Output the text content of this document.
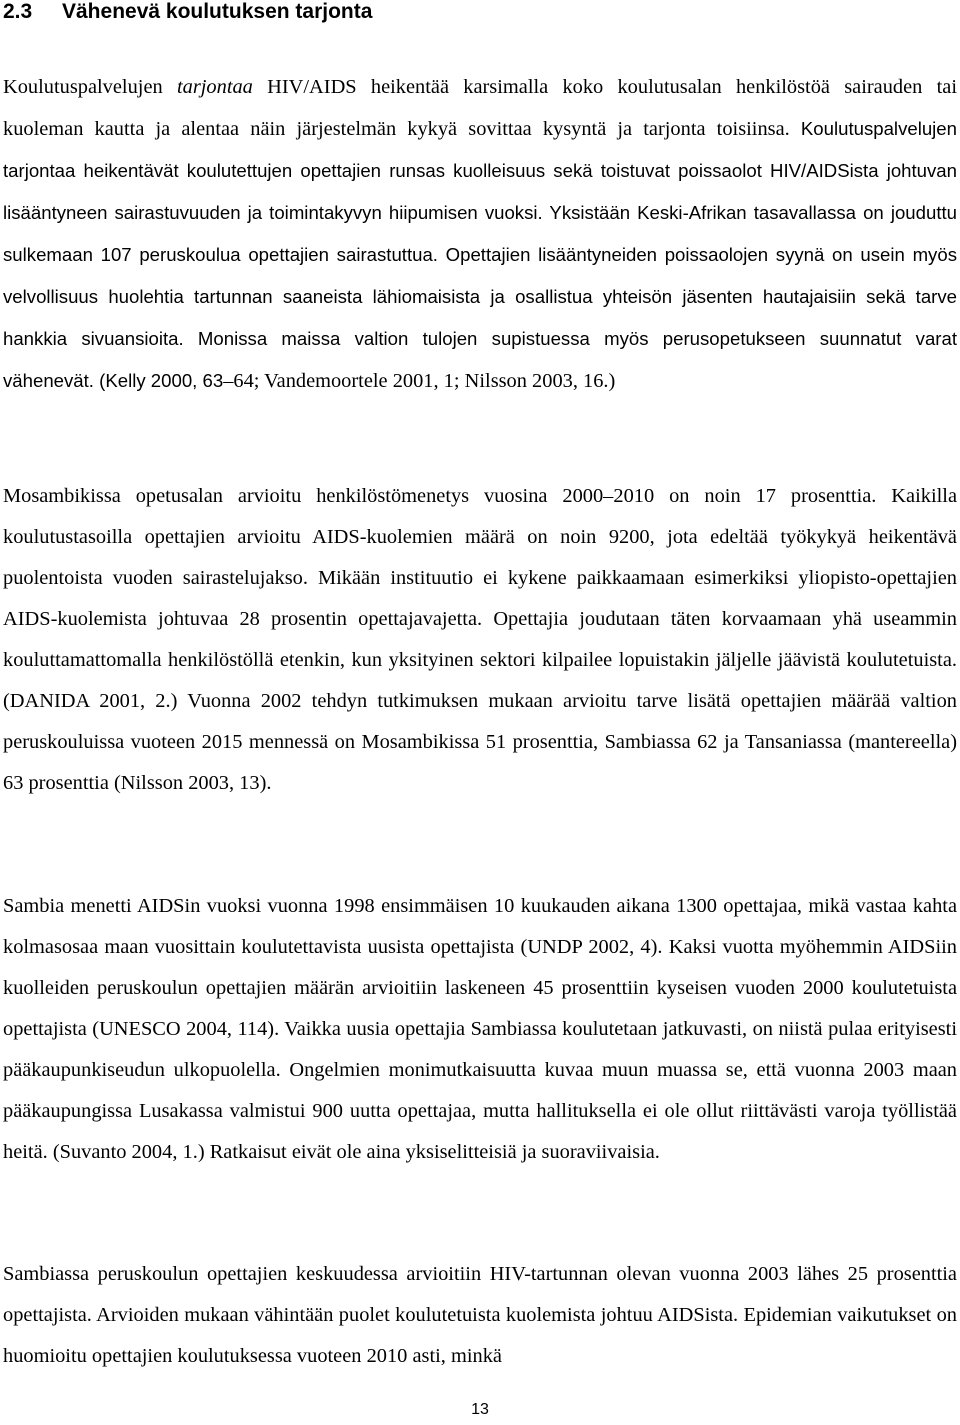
2.3 Vähenevä koulutuksen tarjonta

Koulutuspalvelujen tarjontaa HIV/AIDS heikentää karsimalla koko koulutusalan henkilöstöä sairauden tai kuoleman kautta ja alentaa näin järjestelmän kykyä sovittaa kysyntä ja tarjonta toisiinsa. Koulutuspalvelujen tarjontaa heikentävät koulutettujen opettajien runsas kuolleisuus sekä toistuvat poissaolot HIV/AIDSista johtuvan lisääntyneen sairastuvuuden ja toimintakyvyn hiipumisen vuoksi. Yksistään Keski-Afrikan tasavallassa on jouduttu sulkemaan 107 peruskoulua opettajien sairastuttua. Opettajien lisääntyneiden poissaolojen syynä on usein myös velvollisuus huolehtia tartunnan saaneista lähiomaisista ja osallistua yhteisön jäsenten hautajaisiin sekä tarve hankkia sivuansioita. Monissa maissa valtion tulojen supistuessa myös perusopetukseen suunnatut varat vähenevät. (Kelly 2000, 63–64; Vandemoortele 2001, 1; Nilsson 2003, 16.)

Mosambikissa opetusalan arvioitu henkilöstömenetys vuosina 2000–2010 on noin 17 prosenttia. Kaikilla koulutustasoilla opettajien arvioitu AIDS-kuolemien määrä on noin 9200, jota edeltää työkykyä heikentävä puolentoista vuoden sairastelujakso. Mikään instituutio ei kykene paikkaamaan esimerkiksi yliopisto-opettajien AIDS-kuolemista johtuvaa 28 prosentin opettajavajetta. Opettajia joudutaan täten korvaamaan yhä useammin kouluttamattomalla henkilöstöllä etenkin, kun yksityinen sektori kilpailee lopuistakin jäljelle jäävistä koulutetuista. (DANIDA 2001, 2.) Vuonna 2002 tehdyn tutkimuksen mukaan arvioitu tarve lisätä opettajien määrää valtion peruskouluissa vuoteen 2015 mennessä on Mosambikissa 51 prosenttia, Sambiassa 62 ja Tansaniassa (mantereella) 63 prosenttia (Nilsson 2003, 13).

Sambia menetti AIDSin vuoksi vuonna 1998 ensimmäisen 10 kuukauden aikana 1300 opettajaa, mikä vastaa kahta kolmasosaa maan vuosittain koulutettavista uusista opettajista (UNDP 2002, 4). Kaksi vuotta myöhemmin AIDSiin kuolleiden peruskoulun opettajien määrän arvioitiin laskeneen 45 prosenttiin kyseisen vuoden 2000 koulutetuista opettajista (UNESCO 2004, 114). Vaikka uusia opettajia Sambiassa koulutetaan jatkuvasti, on niistä pulaa erityisesti pääkaupunkiseudun ulkopuolella. Ongelmien monimutkaisuutta kuvaa muun muassa se, että vuonna 2003 maan pääkaupungissa Lusakassa valmistui 900 uutta opettajaa, mutta hallituksella ei ole ollut riittävästi varoja työllistää heitä. (Suvanto 2004, 1.) Ratkaisut eivät ole aina yksiselitteisiä ja suoraviivaisia.

Sambiassa peruskoulun opettajien keskuudessa arvioitiin HIV-tartunnan olevan vuonna 2003 lähes 25 prosenttia opettajista. Arvioiden mukaan vähintään puolet koulutetuista kuolemista johtuu AIDSista. Epidemian vaikutukset on huomioitu opettajien koulutuksessa vuoteen 2010 asti, minkä

13
